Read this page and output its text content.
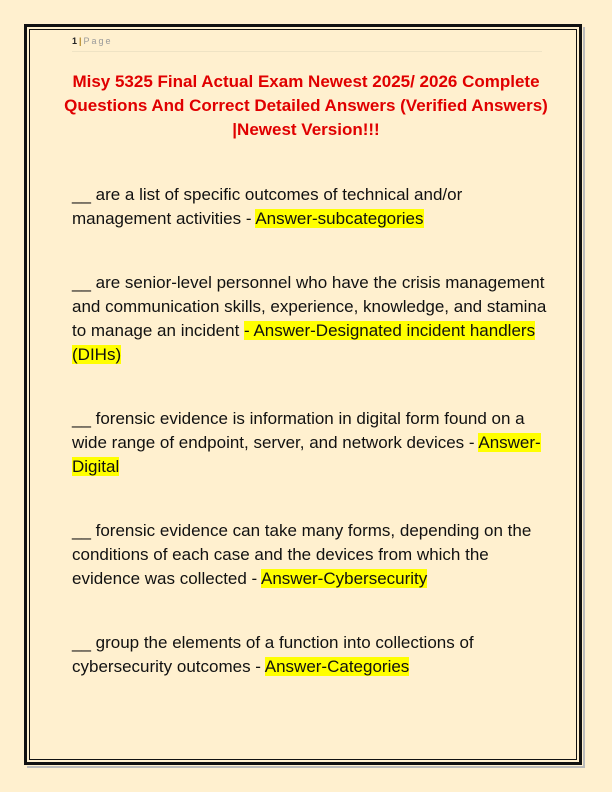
1 | Page
Misy 5325 Final Actual Exam Newest 2025/ 2026 Complete Questions And Correct Detailed Answers (Verified Answers) |Newest Version!!!
__ are a list of specific outcomes of technical and/or management activities - Answer-subcategories
__ are senior-level personnel who have the crisis management and communication skills, experience, knowledge, and stamina to manage an incident - Answer-Designated incident handlers (DIHs)
__ forensic evidence is information in digital form found on a wide range of endpoint, server, and network devices - Answer-Digital
__ forensic evidence can take many forms, depending on the conditions of each case and the devices from which the evidence was collected - Answer-Cybersecurity
__ group the elements of a function into collections of cybersecurity outcomes - Answer-Categories
